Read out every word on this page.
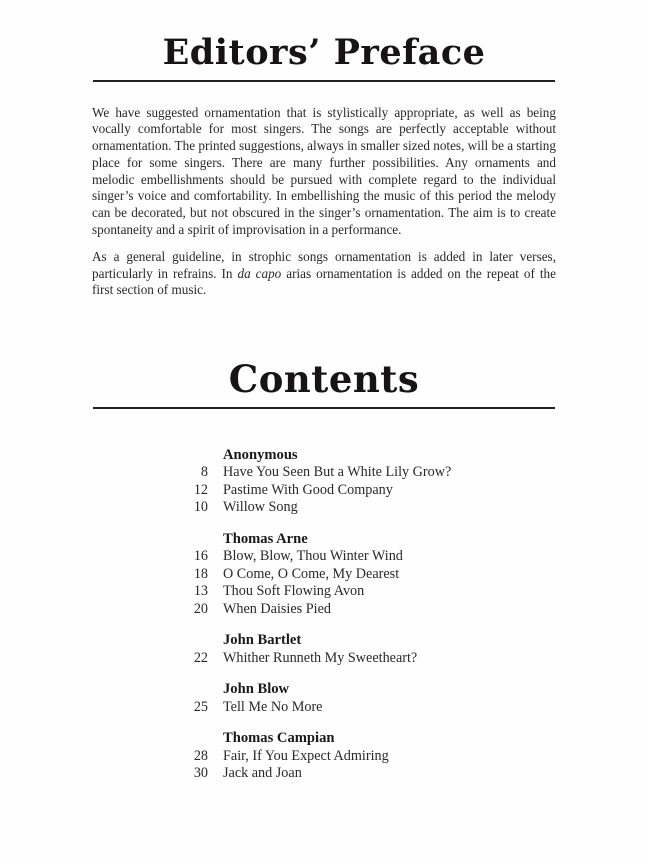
Editors’ Preface

We have suggested ornamentation that is stylistically appropriate, as well as being vocally comfortable for most singers. The songs are perfectly acceptable without ornamentation. The printed suggestions, always in smaller sized notes, will be a starting place for some singers. There are many further possibilities. Any ornaments and melodic embellishments should be pursued with complete regard to the individual singer’s voice and comfortability. In embellishing the music of this period the melody can be decorated, but not obscured in the singer’s ornamentation. The aim is to create spontaneity and a spirit of improvisation in a performance.

As a general guideline, in strophic songs ornamentation is added in later verses, particularly in refrains. In da capo arias ornamentation is added on the repeat of the first section of music.

Contents
Anonymous
8 Have You Seen But a White Lily Grow?
12 Pastime With Good Company
10 Willow Song
Thomas Arne
16 Blow, Blow, Thou Winter Wind
18 O Come, O Come, My Dearest
13 Thou Soft Flowing Avon
20 When Daisies Pied
John Bartlet
22 Whither Runneth My Sweetheart?
John Blow
25 Tell Me No More
Thomas Campian
28 Fair, If You Expect Admiring
30 Jack and Joan
